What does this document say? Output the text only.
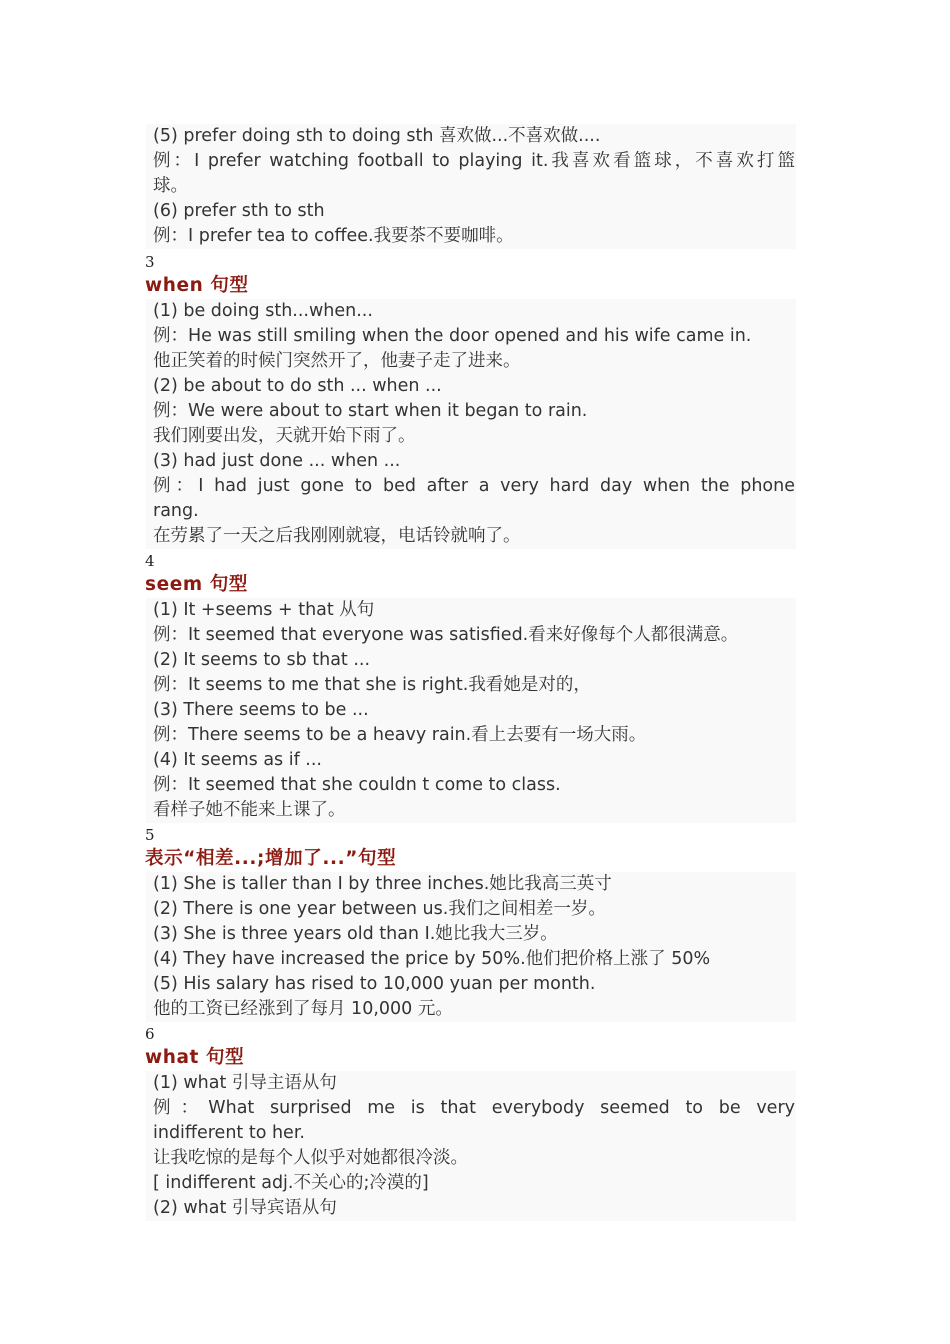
(5) prefer doing sth to doing sth 喜欢做...不喜欢做....
例：I prefer watching football to playing it.我喜欢看篮球，不喜欢打篮
球。
(6) prefer sth to sth
例：I prefer tea to coffee.我要茶不要咖啡。
3
when 句型
(1) be doing sth...when...
例：He was still smiling when the door opened and his wife came in.
他正笑着的时候门突然开了，他妻子走了进来。
(2) be about to do sth ... when ...
例：We were about to start when it began to rain.
我们刚要出发，天就开始下雨了。
(3) had just done ... when ...
例：I had just gone to bed after a very hard day when the phone
rang.
在劳累了一天之后我刚刚就寝，电话铃就响了。
4
seem 句型
(1) It +seems + that 从句
例：It seemed that everyone was satisfied.看来好像每个人都很满意。
(2) It seems to sb that ...
例：It seems to me that she is right.我看她是对的，
(3) There seems to be ...
例：There seems to be a heavy rain.看上去要有一场大雨。
(4) It seems as if ...
例：It seemed that she couldn t come to class.
看样子她不能来上课了。
5
表示“相差...;增加了...”句型
(1) She is taller than I by three inches.她比我高三英寸
(2) There is one year between us.我们之间相差一岁。
(3) She is three years old than I.她比我大三岁。
(4) They have increased the price by 50%.他们把价格上涨了 50%
(5) His salary has rised to 10,000 yuan per month.
他的工资已经涨到了每月 10,000 元。
6
what 句型
(1) what 引导主语从句
例：What surprised me is that everybody seemed to be very
indifferent to her.
让我吃惊的是每个人似乎对她都很冷淡。
[ indifferent adj.不关心的;冷漠的]
(2) what 引导宾语从句
